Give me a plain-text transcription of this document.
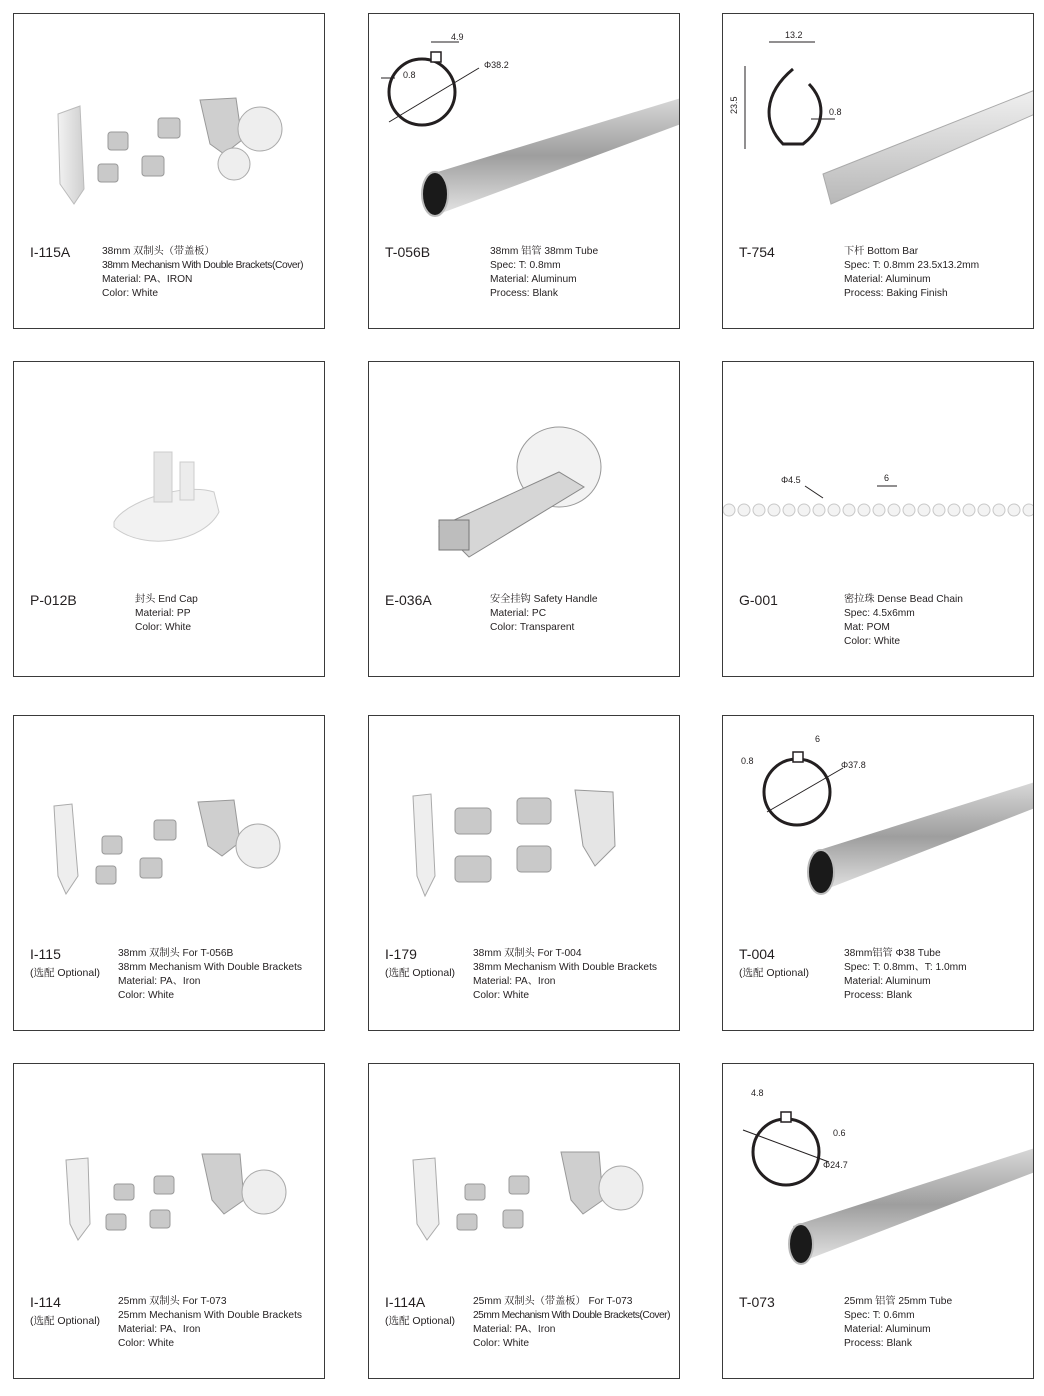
I-115A	38mm 双制头（带盖板）
38mm Mechanism With Double Brackets(Cover)
Material: PA、IRON
Color: White
4.9
0.8
Φ38.2
T-056B	38mm 铝管 38mm Tube
Spec: T: 0.8mm
Material: Aluminum
Process: Blank
13.2
23.5	0.8
T-754	下杆 Bottom Bar
Spec: T: 0.8mm 23.5x13.2mm
Material: Aluminum
Process: Baking Finish
P-012B	封头 End Cap
Material: PP
Color: White
E-036A	安全挂钩 Safety Handle
Material: PC
Color: Transparent
Φ4.5	6
G-001	密拉珠 Dense Bead Chain
Spec: 4.5x6mm
Mat: POM
Color: White
I-115
(选配 Optional)
38mm 双制头 For T-056B
38mm Mechanism With Double Brackets
Material: PA、Iron
Color: White
I-179
(选配 Optional)
38mm 双制头 For T-004
38mm Mechanism With Double Brackets
Material: PA、Iron
Color: White
6
0.8	Φ37.8
T-004
(选配 Optional)
38mm铝管 Φ38 Tube
Spec: T: 0.8mm、T: 1.0mm
Material: Aluminum
Process: Blank
I-114
(选配 Optional)
25mm 双制头 For T-073
25mm Mechanism With Double Brackets
Material: PA、Iron
Color: White
I-114A
(选配 Optional)
25mm 双制头（带盖板） For T-073
25mm Mechanism With Double Brackets(Cover)
Material: PA、Iron
Color: White
4.8
0.6
Φ24.7
T-073	25mm 铝管 25mm Tube
Spec: T: 0.6mm
Material: Aluminum
Process: Blank
